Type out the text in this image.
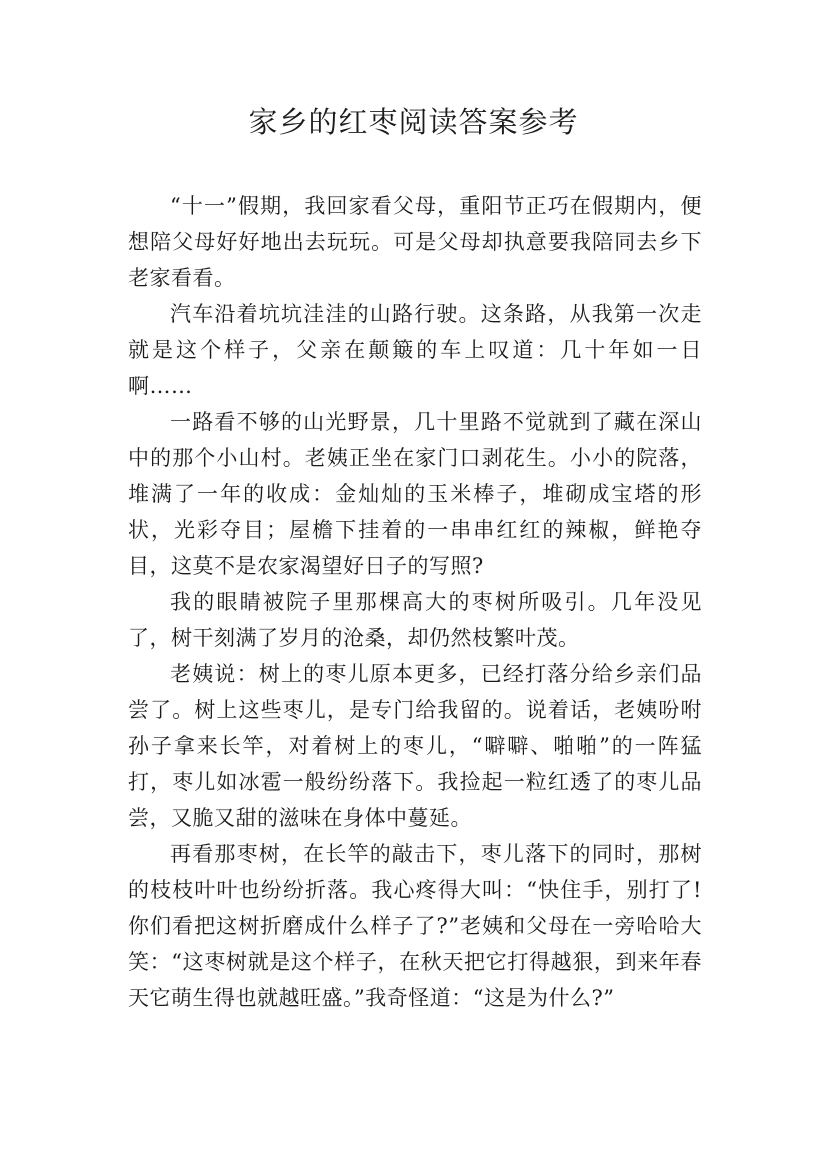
家乡的红枣阅读答案参考

“十一”假期，我回家看父母，重阳节正巧在假期内，便想陪父母好好地出去玩玩。可是父母却执意要我陪同去乡下老家看看。

汽车沿着坑坑洼洼的山路行驶。这条路，从我第一次走就是这个样子，父亲在颠簸的车上叹道：几十年如一日啊……

一路看不够的山光野景，几十里路不觉就到了藏在深山中的那个小山村。老姨正坐在家门口剥花生。小小的院落，堆满了一年的收成：金灿灿的玉米棒子，堆砌成宝塔的形状，光彩夺目；屋檐下挂着的一串串红红的辣椒，鲜艳夺目，这莫不是农家渴望好日子的写照?

我的眼睛被院子里那棵高大的枣树所吸引。几年没见了，树干刻满了岁月的沧桑，却仍然枝繁叶茂。

老姨说：树上的枣儿原本更多，已经打落分给乡亲们品尝了。树上这些枣儿，是专门给我留的。说着话，老姨吩咐孙子拿来长竿，对着树上的枣儿，“噼噼、啪啪”的一阵猛打，枣儿如冰雹一般纷纷落下。我捡起一粒红透了的枣儿品尝，又脆又甜的滋味在身体中蔓延。

再看那枣树，在长竿的敲击下，枣儿落下的同时，那树的枝枝叶叶也纷纷折落。我心疼得大叫：“快住手，别打了!你们看把这树折磨成什么样子了?”老姨和父母在一旁哈哈大笑：“这枣树就是这个样子，在秋天把它打得越狠，到来年春天它萌生得也就越旺盛。”我奇怪道：“这是为什么?”
